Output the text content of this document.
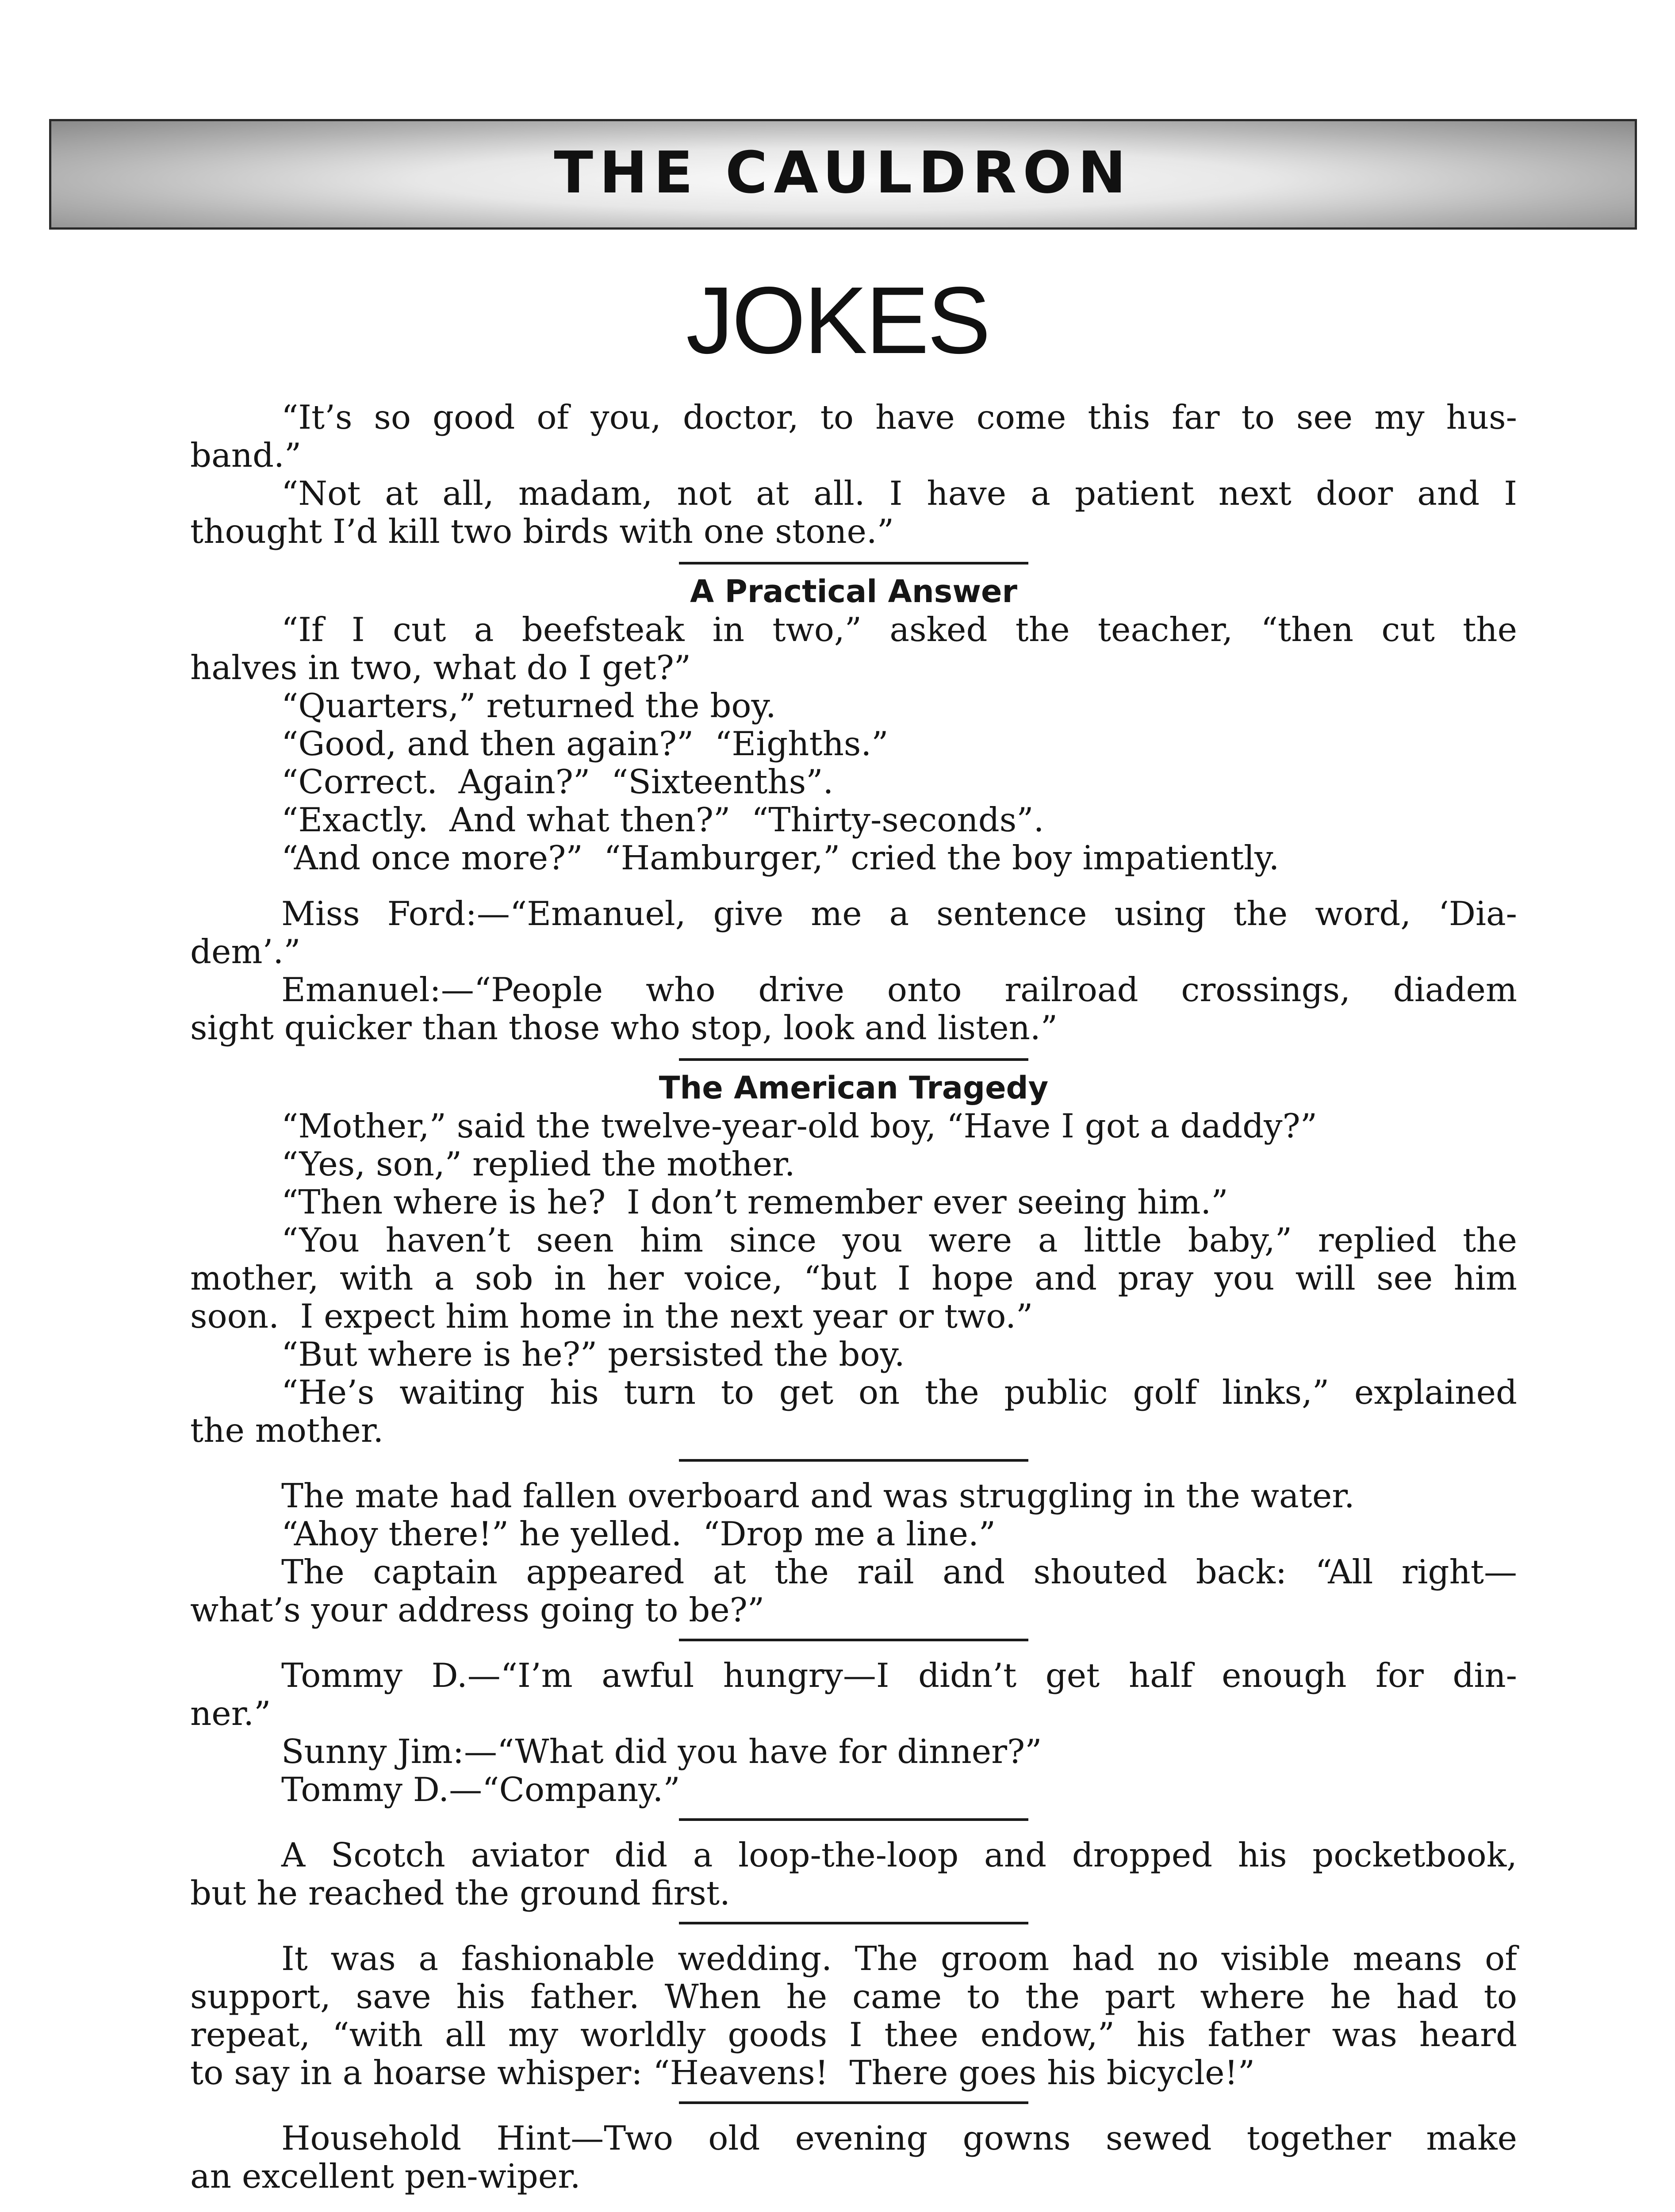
THE CAULDRON
JOKES
“It’s so good of you, doctor, to have come this far to see my hus-
band.”
“Not at all, madam, not at all. I have a patient next door and I
thought I’d kill two birds with one stone.”
A Practical Answer
“If I cut a beefsteak in two,” asked the teacher, “then cut the
halves in two, what do I get?”
“Quarters,” returned the boy.
“Good, and then again?”  “Eighths.”
“Correct.  Again?”  “Sixteenths”.
“Exactly.  And what then?”  “Thirty-seconds”.
“And once more?”  “Hamburger,” cried the boy impatiently.
Miss Ford:—“Emanuel, give me a sentence using the word, ‘Dia-
dem’.”
Emanuel:—“People who drive onto railroad crossings, diadem
sight quicker than those who stop, look and listen.”
The American Tragedy
“Mother,” said the twelve-year-old boy, “Have I got a daddy?”
“Yes, son,” replied the mother.
“Then where is he?  I don’t remember ever seeing him.”
“You haven’t seen him since you were a little baby,” replied the
mother, with a sob in her voice, “but I hope and pray you will see him
soon.  I expect him home in the next year or two.”
“But where is he?” persisted the boy.
“He’s waiting his turn to get on the public golf links,” explained
the mother.
The mate had fallen overboard and was struggling in the water.
“Ahoy there!” he yelled.  “Drop me a line.”
The captain appeared at the rail and shouted back: “All right—
what’s your address going to be?”
Tommy D.—“I’m awful hungry—I didn’t get half enough for din-
ner.”
Sunny Jim:—“What did you have for dinner?”
Tommy D.—“Company.”
A Scotch aviator did a loop-the-loop and dropped his pocketbook,
but he reached the ground first.
It was a fashionable wedding. The groom had no visible means of
support, save his father. When he came to the part where he had to
repeat, “with all my worldly goods I thee endow,” his father was heard
to say in a hoarse whisper: “Heavens!  There goes his bicycle!”
Household Hint—Two old evening gowns sewed together make
an excellent pen-wiper.
